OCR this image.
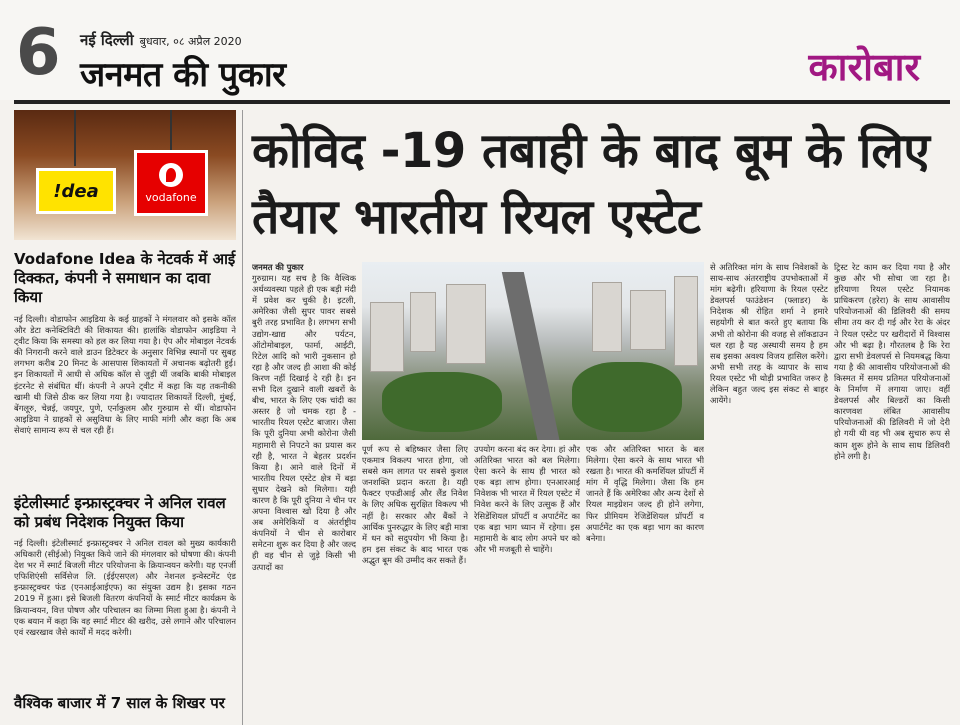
6 नई दिल्ली बुधवार, ०८ अप्रैल 2020
जनमत की पुकार	कारोबार
!dea	vodafone
Vodafone Idea के नेटवर्क में आई दिक्कत, कंपनी ने समाधान का दावा किया
नई दिल्ली। वोडाफोन आइडिया के कई ग्राहकों ने मंगलवार को इसके कॉल और डेटा कनेक्टिविटी की शिकायत की। हालांकि वोडाफोन आइडिया ने ट्वीट किया कि समस्या को हल कर लिया गया है। ऐप और मोबाइल नेटवर्क की निगरानी करने वाले डाउन डिटेक्टर के अनुसार विभिन्न स्थानों पर सुबह लगभग करीब 20 मिनट के आसपास शिकायतों में अचानक बढ़ोतरी हुई। इन शिकायतों में आधी से अधिक कॉल से जुड़ी थीं जबकि बाकी मोबाइल इंटरनेट से संबंधित थीं। कंपनी ने अपने ट्वीट में कहा कि यह तकनीकी खामी थी जिसे ठीक कर लिया गया है। ज्यादातर शिकायतें दिल्ली, मुंबई, बेंगलूरु, चेन्नई, जयपुर, पुणे, एर्नाकुलम और गुरुग्राम से थीं। वोडाफोन आइडिया ने ग्राहकों से असुविधा के लिए माफी मांगी और कहा कि अब सेवाएं सामान्य रूप से चल रही हैं।
इंटेलीस्मार्ट इन्फ्रास्ट्रक्चर ने अनिल रावल को प्रबंध निदेशक नियुक्त किया
नई दिल्ली। इंटेलीस्मार्ट इन्फ्रास्ट्रक्चर ने अनिल रावल को मुख्य कार्यकारी अधिकारी (सीईओ) नियुक्त किये जाने की मंगलवार को घोषणा की। कंपनी देश भर में स्मार्ट बिजली मीटर परियोजना के क्रियान्वयन करेगी। यह एनर्जी एफिशिएंसी सर्विसेज लि. (ईईएसएल) और नेशनल इन्वेस्टमेंट एंड इन्फ्रास्ट्रक्चर फंड (एनआईआईएफ) का संयुक्त उद्यम है। इसका गठन 2019 में हुआ। इसे बिजली वितरण कंपनियों के स्मार्ट मीटर कार्यक्रम के क्रियान्वयन, वित्त पोषण और परिचालन का जिम्मा मिला हुआ है। कंपनी ने एक बयान में कहा कि वह स्मार्ट मीटर की खरीद, उसे लगाने और परिचालन एवं रखरखाव जैसे कार्यों में मदद करेगी।
वैश्विक बाजार में 7 साल के शिखर पर
कोविद -19 तबाही के बाद बूम के लिए तैयार भारतीय रियल एस्टेट
जनमत की पुकार
गुरुग्राम। यह सच है कि वैश्विक अर्थव्यवस्था पहले ही एक बड़ी मंदी में प्रवेश कर चुकी है। इटली, अमेरिका जैसी सुपर पावर सबसे बुरी तरह प्रभावित है। लगभग सभी उद्योग-खाद्य और पर्यटन, ऑटोमोबाइल, फार्मा, आईटी, रिटेल आदि को भारी नुकसान हो रहा है और जल्द ही आशा की कोई किरण नहीं दिखाई दे रही है। इन सभी दिल दुखाने वाली खबरों के बीच, भारत के लिए एक चांदी का अस्तर है जो चमक रहा है - भारतीय रियल एस्टेट बाजार। जैसा कि पूरी दुनिया अभी कोरोना जैसी महामारी से निपटने का प्रयास कर रही है, भारत ने बेहतर प्रदर्शन किया है। आने वाले दिनों में भारतीय रियल एस्टेट क्षेत्र में बड़ा सुधार देखने को मिलेगा। यही कारण है कि पूरी दुनिया ने चीन पर अपना विश्वास खो दिया है और अब अमेरिकियों व अंतर्राष्ट्रीय कंपनियों ने चीन से कारोबार समेटना शुरू कर दिया है और जल्द ही वह चीन से जुड़े किसी भी उत्पादों का
पूर्ण रूप से बहिष्कार जैसा लिए एकमात्र विकल्प भारत होगा, जो सबसे कम लागत पर सबसे कुशल जनशक्ति प्रदान करता है। यही फैक्टर एफडीआई और लैंड निवेश के लिए अधिक सुरक्षित विकल्प भी नहीं है। सरकार और बैंकों ने आर्थिक पुनरुद्धार के लिए बड़ी मात्रा में धन को सदुपयोग भी किया है। हम इस संकट के बाद भारत एक अद्भुत बूम की उम्मीद कर सकते हैं।
उपयोग करना बंद कर देगा। हां और अतिरिक्त भारत को बल मिलेगा। ऐसा करने के साथ ही भारत को एक बड़ा लाभ होगा। एनआरआई निवेशक भी भारत में रियल एस्टेट में निवेश करने के लिए उत्सुक हैं और रेसिडेंशियल प्रॉपर्टी व अपार्टमेंट का एक बड़ा भाग ध्यान में रहेगा। इस महामारी के बाद लोग अपने घर को और भी मजबूती से चाहेंगे।
एक और अतिरिक्त भारत के बल मिलेगा। ऐसा करने के साथ भारत भी रखता है। भारत की कमर्शियल प्रॉपर्टी में मांग में वृद्धि मिलेगा। जैसा कि हम जानते हैं कि अमेरिका और अन्य देशों से रियल माइग्रेशन जल्द ही होने लगेगा, फिर प्रीमियम रेजिडेंशियल प्रॉपर्टी व अपार्टमेंट का एक बड़ा भाग का कारण बनेगा।
से अतिरिक्त मांग के साथ निवेशकों के साथ-साथ अंतरराष्ट्रीय उपभोक्ताओं में मांग बढ़ेगी। हरियाणा के रियल एस्टेट डेवलपर्स फाउंडेशन (फ्लाडर) के निदेशक श्री रोहित शर्मा ने हमारे सहयोगी से बात करते हुए बताया कि अभी तो कोरोना की वजह से लॉकडाउन चल रहा है यह अस्थायी समय है हम सब इसका अवश्य विजय हासिल करेंगे। अभी सभी तरह के व्यापार के साथ रियल एस्टेट भी थोड़ी प्रभावित जरूर है लेकिन बहुत जल्द इस संकट से बाहर आयेंगे।
ट्रिस्ट रेट काम कर दिया गया है और कुछ और भी सोचा जा रहा है। हरियाणा रियल एस्टेट नियामक प्राधिकरण (हरेरा) के साथ आवासीय परियोजनाओं की डिलिवरी की समय सीमा तय कर दी गई और रेरा के अंदर ने रियल एस्टेट पर खरीदारों में विश्वास और भी बढ़ा है। गौरतलब है कि रेरा द्वारा सभी डेवलपर्स से नियमबद्ध किया गया है की आवासीय परियोजनाओं की किस्मत में समय प्रतिमत परियोजनाओं के निर्माण में लगाया जाए। वहीं डेवलपर्स और बिल्डरों का किसी कारणवश लंबित आवासीय परियोजनाओं की डिलिवरी में जो देरी हो गयी थी वह भी अब सुचारु रूप से काम शुरू होने के साथ साथ डिलिवरी होने लगी है।
